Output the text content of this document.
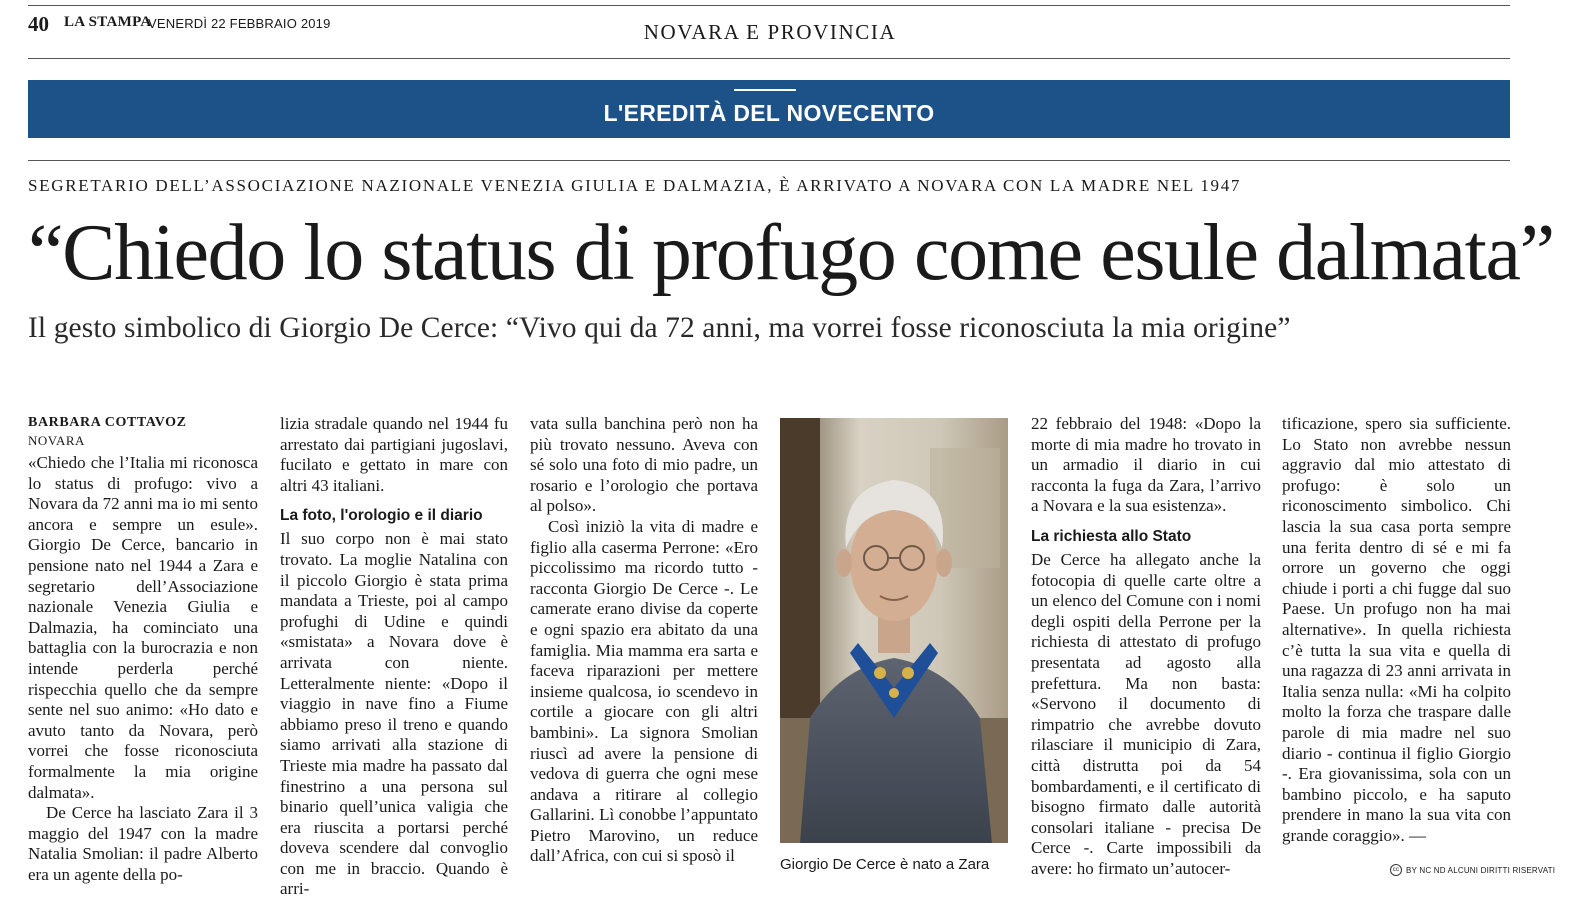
40 LA STAMPA
VENERDÌ 22 FEBBRAIO 2019	NOVARA E PROVINCIA
L'EREDITÀ DEL NOVECENTO
SEGRETARIO DELL’ASSOCIAZIONE NAZIONALE VENEZIA GIULIA E DALMAZIA, È ARRIVATO A NOVARA CON LA MADRE NEL 1947
“Chiedo lo status di profugo come esule dalmata”
Il gesto simbolico di Giorgio De Cerce: “Vivo qui da 72 anni, ma vorrei fosse riconosciuta la mia origine”
BARBARA COTTAVOZ
NOVARA

«Chiedo che l’Italia mi riconosca lo status di profugo: vivo a Novara da 72 anni ma io mi sento ancora e sempre un esule». Giorgio De Cerce, bancario in pensione nato nel 1944 a Zara e segretario dell’Associazione nazionale Venezia Giulia e Dalmazia, ha cominciato una battaglia con la burocrazia e non intende perderla perché rispecchia quello che da sempre sente nel suo animo: «Ho dato e avuto tanto da Novara, però vorrei che fosse riconosciuta formalmente la mia origine dalmata».

De Cerce ha lasciato Zara il 3 maggio del 1947 con la madre Natalia Smolian: il padre Alberto era un agente della po-

lizia stradale quando nel 1944 fu arrestato dai partigiani jugoslavi, fucilato e gettato in mare con altri 43 italiani.

La foto, l'orologio e il diario

Il suo corpo non è mai stato trovato. La moglie Natalina con il piccolo Giorgio è stata prima mandata a Trieste, poi al campo profughi di Udine e quindi «smistata» a Novara dove è arrivata con niente. Letteralmente niente: «Dopo il viaggio in nave fino a Fiume abbiamo preso il treno e quando siamo arrivati alla stazione di Trieste mia madre ha passato dal finestrino a una persona sul binario quell’unica valigia che era riuscita a portarsi perché doveva scendere dal convoglio con me in braccio. Quando è arri-

vata sulla banchina però non ha più trovato nessuno. Aveva con sé solo una foto di mio padre, un rosario e l’orologio che portava al polso».

Così iniziò la vita di madre e figlio alla caserma Perrone: «Ero piccolissimo ma ricordo tutto - racconta Giorgio De Cerce -. Le camerate erano divise da coperte e ogni spazio era abitato da una famiglia. Mia mamma era sarta e faceva riparazioni per mettere insieme qualcosa, io scendevo in cortile a giocare con gli altri bambini». La signora Smolian riuscì ad avere la pensione di vedova di guerra che ogni mese andava a ritirare al collegio Gallarini. Lì conobbe l’appuntato Pietro Marovino, un reduce dall’Africa, con cui si sposò il	Giorgio De Cerce è nato a Zara

22 febbraio del 1948: «Dopo la morte di mia madre ho trovato in un armadio il diario in cui racconta la fuga da Zara, l’arrivo a Novara e la sua esistenza».

La richiesta allo Stato

De Cerce ha allegato anche la fotocopia di quelle carte oltre a un elenco del Comune con i nomi degli ospiti della Perrone per la richiesta di attestato di profugo presentata ad agosto alla prefettura. Ma non basta: «Servono il documento di rimpatrio che avrebbe dovuto rilasciare il municipio di Zara, città distrutta poi da 54 bombardamenti, e il certificato di bisogno firmato dalle autorità consolari italiane - precisa De Cerce -. Carte impossibili da avere: ho firmato un’autocer-

tificazione, spero sia sufficiente. Lo Stato non avrebbe nessun aggravio dal mio attestato di profugo: è solo un riconoscimento simbolico. Chi lascia la sua casa porta sempre una ferita dentro di sé e mi fa orrore un governo che oggi chiude i porti a chi fugge dal suo Paese. Un profugo non ha mai alternative». In quella richiesta c’è tutta la sua vita e quella di una ragazza di 23 anni arrivata in Italia senza nulla: «Mi ha colpito molto la forza che traspare dalle parole di mia madre nel suo diario - continua il figlio Giorgio -. Era giovanissima, sola con un bambino piccolo, e ha saputo prendere in mano la sua vita con grande coraggio». —

cc BY NC ND ALCUNI DIRITTI RISERVATI
